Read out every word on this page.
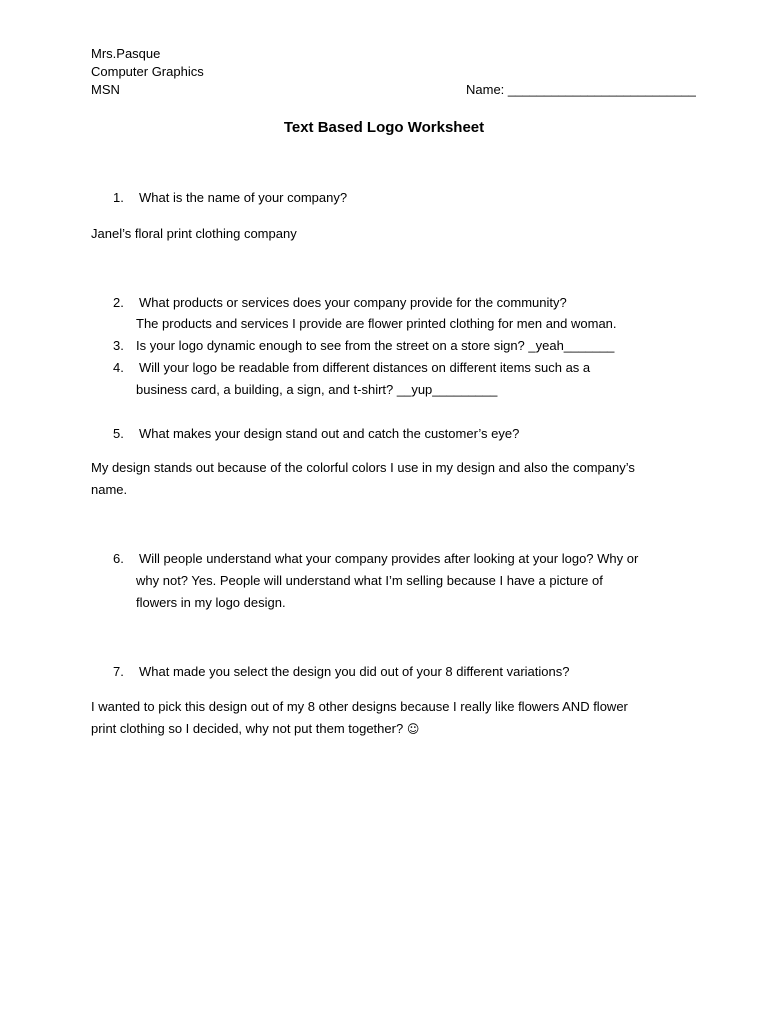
Mrs.Pasque
Computer Graphics
MSN	Name: __________________________
Text Based Logo Worksheet
1. What is the name of your company?
Janel’s floral print clothing company
2. What products or services does your company provide for the community?
The products and services I provide are flower printed clothing for men and woman.
3. Is your logo dynamic enough to see from the street on a store sign? _yeah_______
4. Will your logo be readable from different distances on different items such as a
business card, a building, a sign, and t-shirt? __yup_________
5. What makes your design stand out and catch the customer’s eye?
My design stands out because of the colorful colors I use in my design and also the company’s
name.
6. Will people understand what your company provides after looking at your logo? Why or
why not? Yes. People will understand what I’m selling because I have a picture of
flowers in my logo design.
7. What made you select the design you did out of your 8 different variations?
I wanted to pick this design out of my 8 other designs because I really like flowers AND flower
print clothing so I decided, why not put them together? ☺
